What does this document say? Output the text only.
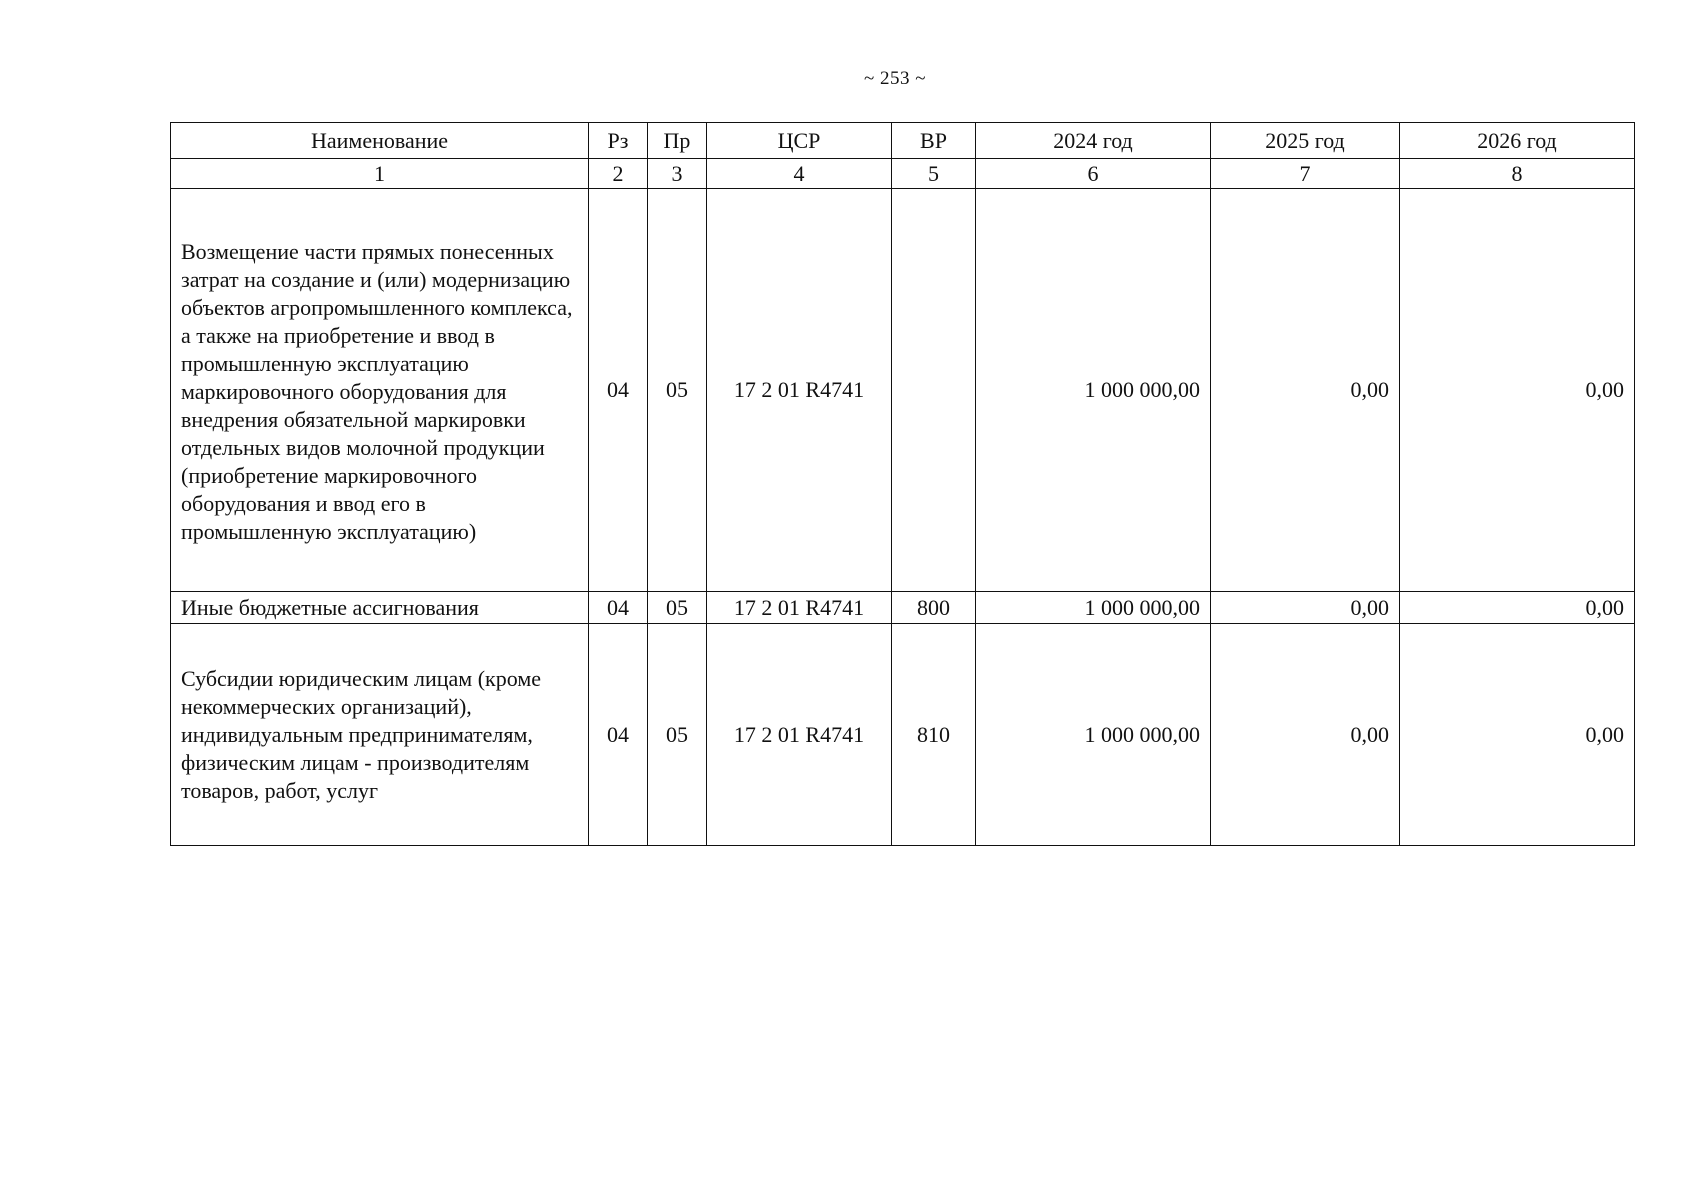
~ 253 ~
Наименование	Рз	Пр	ЦСР	ВР	2024 год	2025 год	2026 год
1	2	3	4	5	6	7	8
Возмещение части прямых понесенных затрат на создание и (или) модернизацию объектов агропромышленного комплекса, а также на приобретение и ввод в промышленную эксплуатацию маркировочного оборудования для внедрения обязательной маркировки отдельных видов молочной продукции (приобретение маркировочного оборудования и ввод его в промышленную эксплуатацию)	04	05	17 2 01 R4741		1 000 000,00	0,00	0,00
Иные бюджетные ассигнования	04	05	17 2 01 R4741	800	1 000 000,00	0,00	0,00
Субсидии юридическим лицам (кроме некоммерческих организаций), индивидуальным предпринимателям, физическим лицам - производителям товаров, работ, услуг	04	05	17 2 01 R4741	810	1 000 000,00	0,00	0,00
